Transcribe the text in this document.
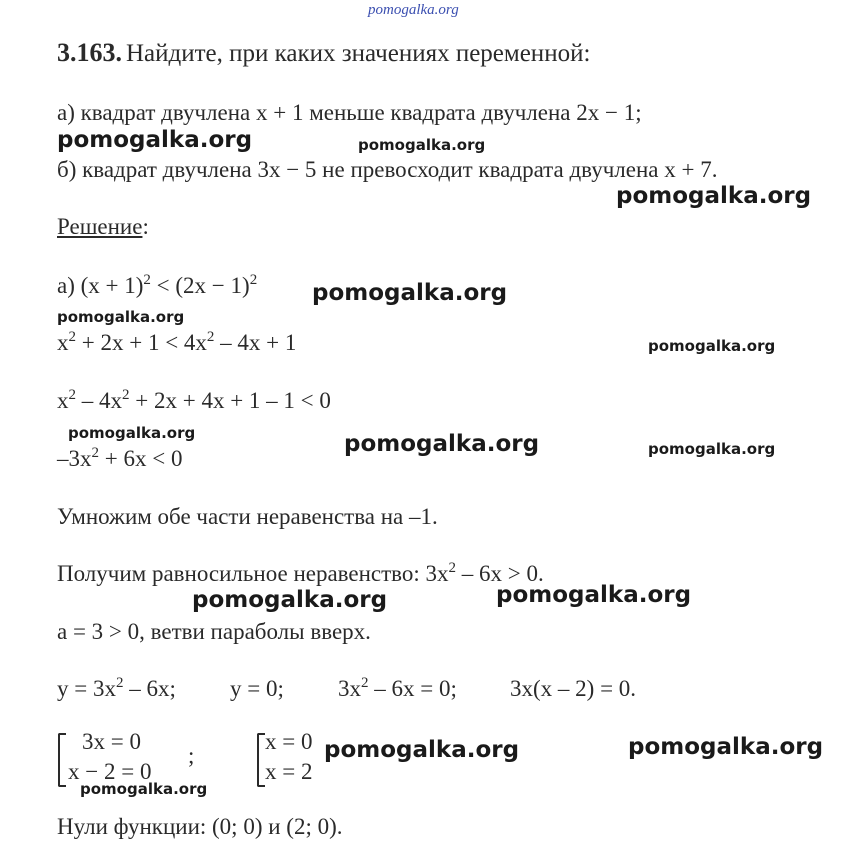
pomogalka.org
3.163. Найдите, при каких значениях переменной:
а) квадрат двучлена x + 1 меньше квадрата двучлена 2x − 1;
pomogalka.org	pomogalka.org
б) квадрат двучлена 3x − 5 не превосходит квадрата двучлена x + 7.
pomogalka.org
Решение:
а) $(x + 1)^2 < (2x - 1)^2$ pomogalka.org
pomogalka.org
$x^2 + 2x + 1 < 4x^2 - 4x + 1$	pomogalka.org
$x^2 - 4x^2 + 2x + 4x + 1 - 1 < 0$
pomogalka.org	pomogalka.org	pomogalka.org
$-3x^2 + 6x < 0$
Умножим обе части неравенства на –1.
Получим равносильное неравенство: $3x^2 - 6x > 0$.
pomogalka.org	pomogalka.org
a = 3 > 0, ветви параболы вверх.
$y = 3x^2 - 6x$; y = 0; $3x^2 - 6x = 0$; 3x(x – 2) = 0.
3x = 0
x − 2 = 0
;
x = 0
x = 2
pomogalka.org	pomogalka.org
pomogalka.org
Нули функции: (0; 0) и (2; 0).
